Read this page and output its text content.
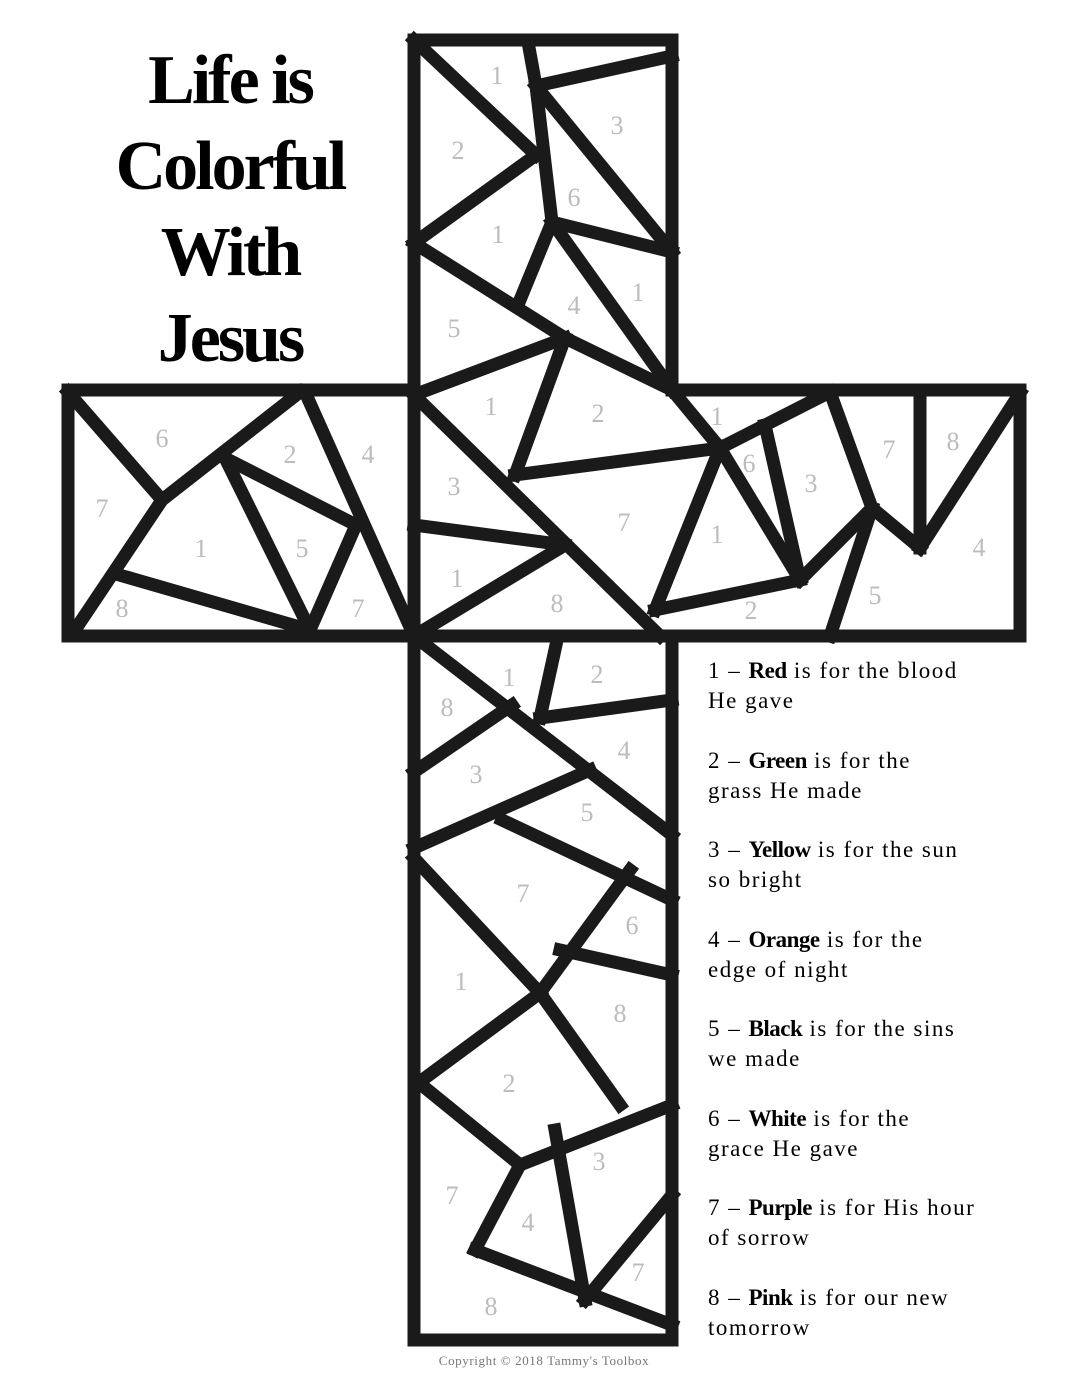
Life is
Colorful
With
Jesus
1
3
2
6
1
4 1
5
1	2
3
7
1
8
6
2	4
7
1	5
8	7
1
6
3
7 8
1	4
2
5
8
1	2
4
3
5
7
6
1
8
2
3
7
4
7
8
1 – Red is for the blood
He gave
2 – Green is for the
grass He made
3 – Yellow is for the sun
so bright
4 – Orange is for the
edge of night
5 – Black is for the sins
we made
6 – White is for the
grace He gave
7 – Purple is for His hour
of sorrow
8 – Pink is for our new
tomorrow
Copyright © 2018 Tammy's Toolbox
